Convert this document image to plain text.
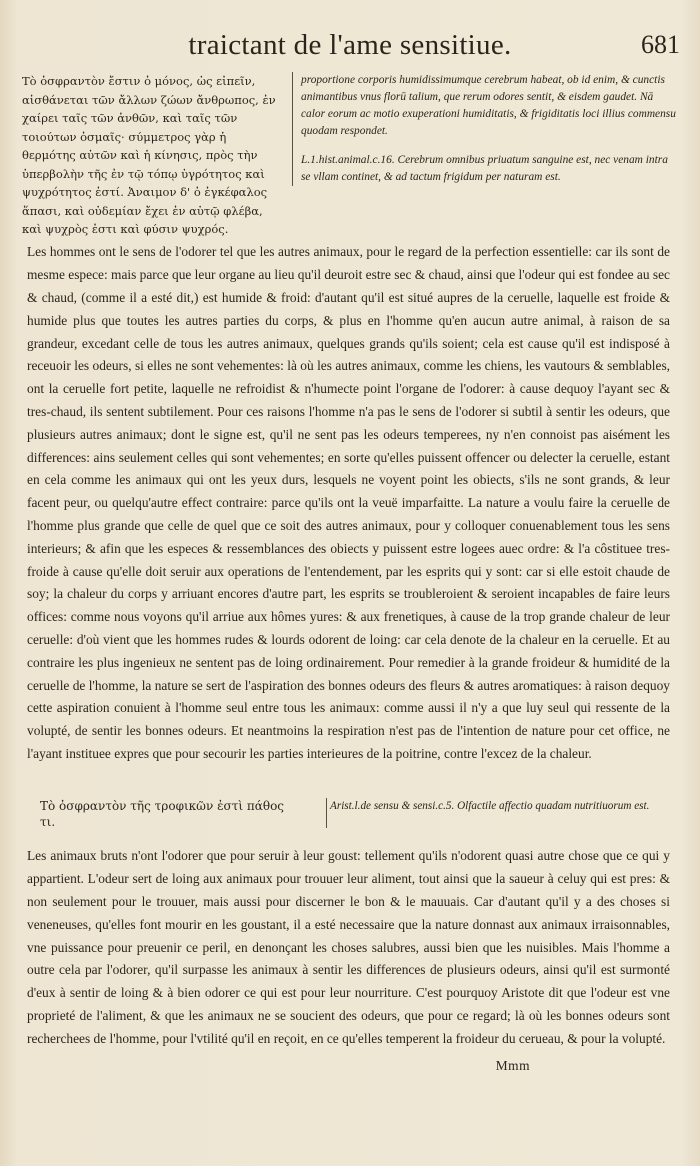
traictant de l'ame sensitiue.	681
Τὸ ὀσφραντὸν ἔστιν ὁ μόνος, ὡς εἰπεῖν, αἰσθάνεται τῶν ἄλλων ζώων ἄνθρωπος, ἐν χαίρει ταῖς τῶν ἀνθῶν, καὶ ταῖς τῶν τοιούτων ὀσμαῖς· σύμμετρος γὰρ ἡ θερμότης αὐτῶν καὶ ἡ κίνησις, πρὸς τὴν ὑπερβολὴν τῆς ἐν τῷ τόπῳ ὑγρότητος καὶ ψυχρότητος ἐστί. Ἀναιμον δ' ὁ ἐγκέφαλος ἅπασι, καὶ οὐδεμίαν ἔχει ἐν αὑτῷ φλέβα, καὶ ψυχρὸς ἐστι καὶ φύσιν ψυχρός.

proportione corporis humidissimumque cerebrum habeat, ob id enim, & cunctis animantibus vnus florū talium, que rerum odores sentit, & eisdem gaudet. Nā calor eorum ac motio exuperationi humiditatis, & frigiditatis loci illius commensu quodam respondet.

L.1.hist.animal.c.16. Cerebrum omnibus priuatum sanguine est, nec venam intra se vllam continet, & ad tactum frigidum per naturam est.

Les hommes ont le sens de l'odorer tel que les autres animaux, pour le regard de la perfection essentielle: car ils sont de mesme espece: mais parce que leur organe au lieu qu'il deuroit estre sec & chaud, ainsi que l'odeur qui est fondee au sec & chaud, (comme il a esté dit,) est humide & froid: d'autant qu'il est situé aupres de la ceruelle, laquelle est froide & humide plus que toutes les autres parties du corps, & plus en l'homme qu'en aucun autre animal, à raison de sa grandeur, excedant celle de tous les autres animaux, quelques grands qu'ils soient; cela est cause qu'il est indisposé à receuoir les odeurs, si elles ne sont vehementes: là où les autres animaux, comme les chiens, les vautours & semblables, ont la ceruelle fort petite, laquelle ne refroidist & n'humecte point l'organe de l'odorer: à cause dequoy l'ayant sec & tres-chaud, ils sentent subtilement. Pour ces raisons l'homme n'a pas le sens de l'odorer si subtil à sentir les odeurs, que plusieurs autres animaux; dont le signe est, qu'il ne sent pas les odeurs temperees, ny n'en connoist pas aisément les differences: ains seulement celles qui sont vehementes; en sorte qu'elles puissent offencer ou delecter la ceruelle, estant en cela comme les animaux qui ont les yeux durs, lesquels ne voyent point les obiects, s'ils ne sont grands, & leur facent peur, ou quelqu'autre effect contraire: parce qu'ils ont la veuë imparfaitte. La nature a voulu faire la ceruelle de l'homme plus grande que celle de quel que ce soit des autres animaux, pour y colloquer conuenablement tous les sens interieurs; & afin que les especes & ressemblances des obiects y puissent estre logees auec ordre: & l'a côstituee tres-froide à cause qu'elle doit seruir aux operations de l'entendement, par les esprits qui y sont: car si elle estoit chaude de soy; la chaleur du corps y arriuant encores d'autre part, les esprits se troubleroient & seroient incapables de faire leurs offices: comme nous voyons qu'il arriue aux hômes yures: & aux frenetiques, à cause de la trop grande chaleur de leur ceruelle: d'où vient que les hommes rudes & lourds odorent de loing: car cela denote de la chaleur en la ceruelle. Et au contraire les plus ingenieux ne sentent pas de loing ordinairement. Pour remedier à la grande froideur & humidité de la ceruelle de l'homme, la nature se sert de l'aspiration des bonnes odeurs des fleurs & autres aromatiques: à raison dequoy cette aspiration conuient à l'homme seul entre tous les animaux: comme aussi il n'y a que luy seul qui ressente de la volupté, de sentir les bonnes odeurs. Et neantmoins la respiration n'est pas de l'intention de nature pour cet office, ne l'ayant instituee expres que pour secourir les parties interieures de la poitrine, contre l'excez de la chaleur.

Τὸ ὀσφραντὸν τῆς τροφικῶν ἐστὶ πάθος τι.
Arist.l.de sensu & sensi.c.5. Olfactile affectio quadam nutritiuorum est.

Les animaux bruts n'ont l'odorer que pour seruir à leur goust: tellement qu'ils n'odorent quasi autre chose que ce qui y appartient. L'odeur sert de loing aux animaux pour trouuer leur aliment, tout ainsi que la saueur à celuy qui est pres: & non seulement pour le trouuer, mais aussi pour discerner le bon & le mauuais. Car d'autant qu'il y a des choses si veneneuses, qu'elles font mourir en les goustant, il a esté necessaire que la nature donnast aux animaux irraisonnables, vne puissance pour preuenir ce peril, en denonçant les choses salubres, aussi bien que les nuisibles. Mais l'homme a outre cela par l'odorer, qu'il surpasse les animaux à sentir les differences de plusieurs odeurs, ainsi qu'il est surmonté d'eux à sentir de loing & à bien odorer ce qui est pour leur nourriture. C'est pourquoy Aristote dit que l'odeur est vne proprieté de l'aliment, & que les animaux ne se soucient des odeurs, que pour ce regard; là où les bonnes odeurs sont recherchees de l'homme, pour l'vtilité qu'il en reçoit, en ce qu'elles temperent la froideur du cerueau, & pour la volupté.

Mmm
